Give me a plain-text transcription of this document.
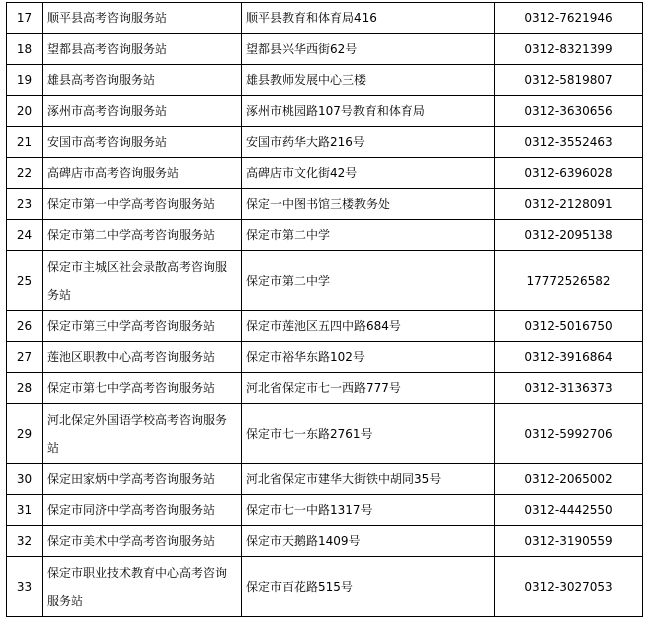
17	顺平县高考咨询服务站	顺平县教育和体育局416	0312-7621946
18	望都县高考咨询服务站	望都县兴华西街62号	0312-8321399
19	雄县高考咨询服务站	雄县教师发展中心三楼	0312-5819807
20	涿州市高考咨询服务站	涿州市桃园路107号教育和体育局	0312-3630656
21	安国市高考咨询服务站	安国市药华大路216号	0312-3552463
22	高碑店市高考咨询服务站	高碑店市文化街42号	0312-6396028
23	保定市第一中学高考咨询服务站	保定一中图书馆三楼教务处	0312-2128091
24	保定市第二中学高考咨询服务站	保定市第二中学	0312-2095138
25	保定市主城区社会录散高考咨询服务站	保定市第二中学	17772526582
26	保定市第三中学高考咨询服务站	保定市莲池区五四中路684号	0312-5016750
27	莲池区职教中心高考咨询服务站	保定市裕华东路102号	0312-3916864
28	保定市第七中学高考咨询服务站	河北省保定市七一西路777号	0312-3136373
29	河北保定外国语学校高考咨询服务站	保定市七一东路2761号	0312-5992706
30	保定田家炳中学高考咨询服务站	河北省保定市建华大街铁中胡同35号	0312-2065002
31	保定市同济中学高考咨询服务站	保定市七一中路1317号	0312-4442550
32	保定市美术中学高考咨询服务站	保定市天鹅路1409号	0312-3190559
33	保定市职业技术教育中心高考咨询服务站	保定市百花路515号	0312-3027053
